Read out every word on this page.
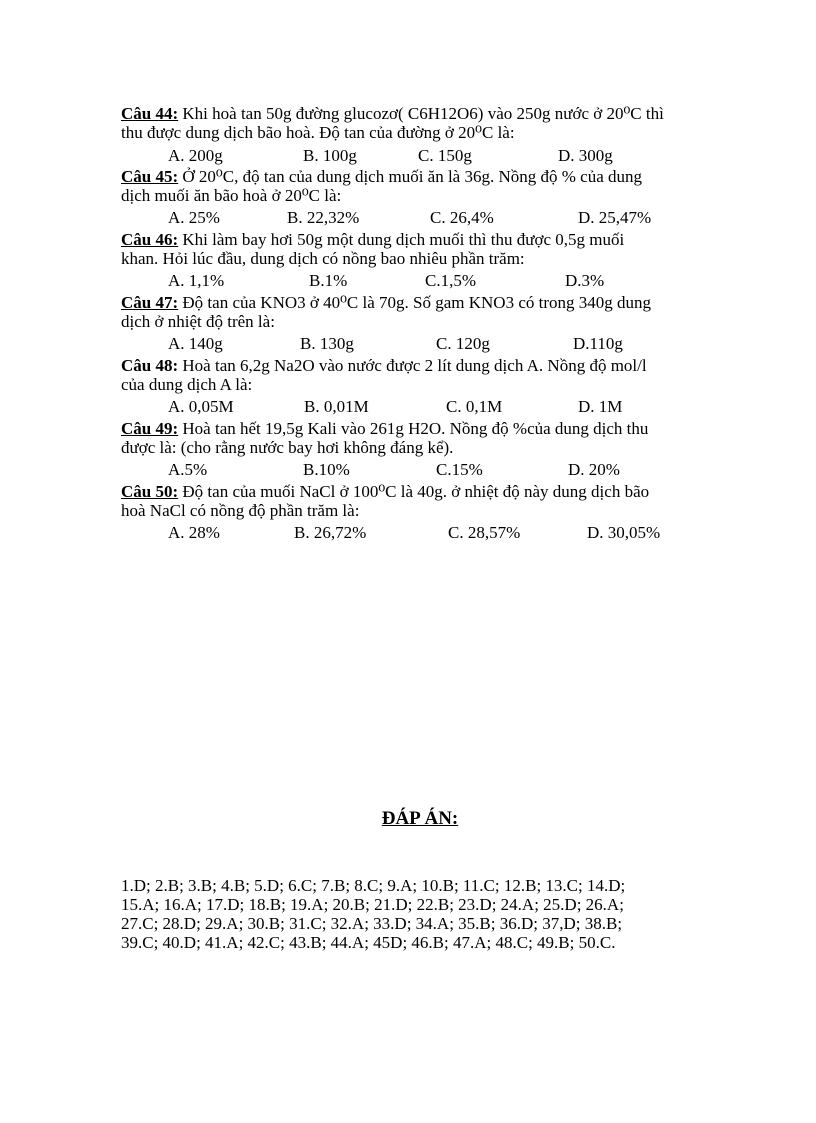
Câu 44: Khi hoà tan 50g đường glucozơ( C6H12O6) vào 250g nước ở 20⁰C thì
thu được dung dịch bão hoà. Độ tan của đường ở 20⁰C là:
A. 200g	B. 100g	C. 150g	D. 300g
Câu 45: Ở 20⁰C, độ tan của dung dịch muối ăn là 36g. Nồng độ % của dung
dịch muối ăn bão hoà ở 20⁰C là:
A. 25%	B. 22,32%	C. 26,4%	D. 25,47%
Câu 46: Khi làm bay hơi 50g một dung dịch muối thì thu được 0,5g muối
khan. Hỏi lúc đầu, dung dịch có nồng bao nhiêu phần trăm:
A. 1,1%	B.1%	C.1,5%	D.3%
Câu 47: Độ tan của KNO3 ở 40⁰C là 70g. Số gam KNO3 có trong 340g dung
dịch ở nhiệt độ trên là:
A. 140g	B. 130g	C. 120g	D.110g
Câu 48: Hoà tan 6,2g Na2O vào nước được 2 lít dung dịch A. Nồng độ mol/l
của dung dịch A là:
A. 0,05M	B. 0,01M	C. 0,1M	D. 1M
Câu 49: Hoà tan hết 19,5g Kali vào 261g H2O. Nồng độ %của dung dịch thu
được là: (cho rằng nước bay hơi không đáng kể).
A.5%	B.10%	C.15%	D. 20%
Câu 50: Độ tan của muối NaCl ở 100⁰C là 40g. ở nhiệt độ này dung dịch bão
hoà NaCl có nồng độ phần trăm là:
A. 28%	B. 26,72%	C. 28,57%	D. 30,05%
ĐÁP ÁN:
1.D; 2.B; 3.B; 4.B; 5.D; 6.C; 7.B; 8.C; 9.A; 10.B; 11.C; 12.B; 13.C; 14.D;
15.A; 16.A; 17.D; 18.B; 19.A; 20.B; 21.D; 22.B; 23.D; 24.A; 25.D; 26.A;
27.C; 28.D; 29.A; 30.B; 31.C; 32.A; 33.D; 34.A; 35.B; 36.D; 37,D; 38.B;
39.C; 40.D; 41.A; 42.C; 43.B; 44.A; 45D; 46.B; 47.A; 48.C; 49.B; 50.C.
